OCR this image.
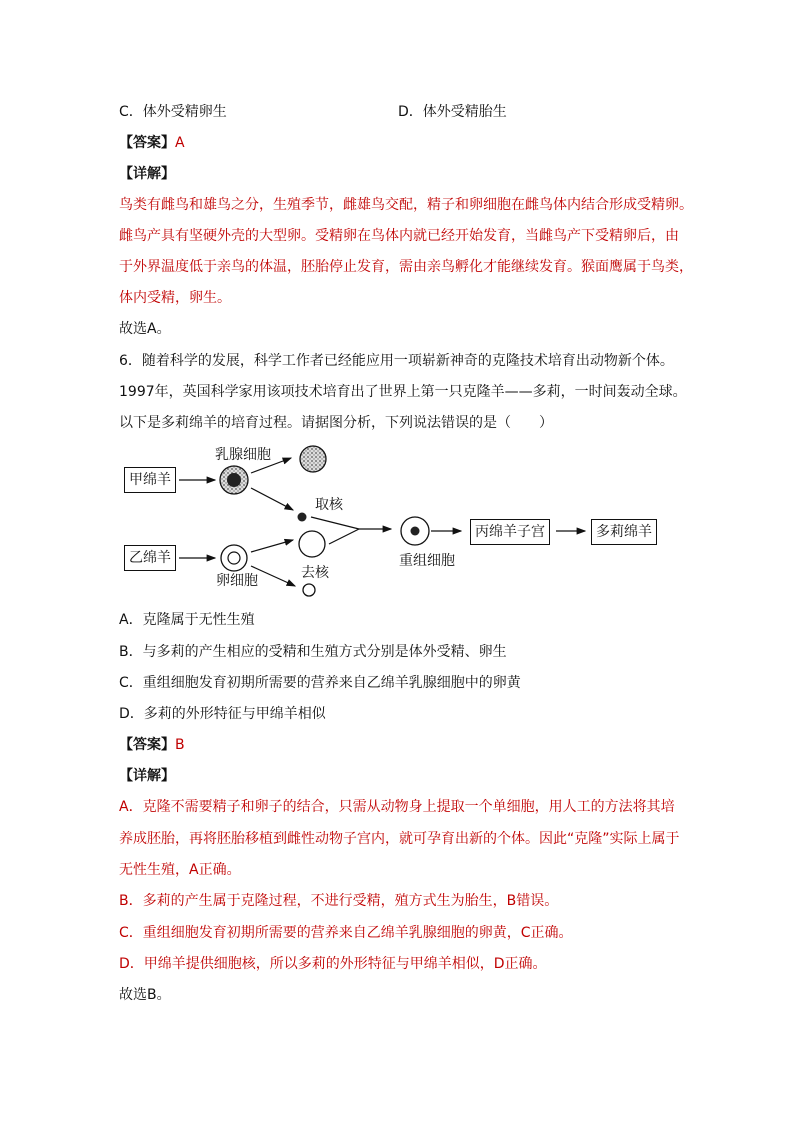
C．体外受精卵生	D．体外受精胎生
【答案】A
【详解】
鸟类有雌鸟和雄鸟之分，生殖季节，雌雄鸟交配，精子和卵细胞在雌鸟体内结合形成受精卵。
雌鸟产具有坚硬外壳的大型卵。受精卵在鸟体内就已经开始发育，当雌鸟产下受精卵后，由
于外界温度低于亲鸟的体温，胚胎停止发育，需由亲鸟孵化才能继续发育。猴面鹰属于鸟类，
体内受精，卵生。
故选A。
6．随着科学的发展，科学工作者已经能应用一项崭新神奇的克隆技术培育出动物新个体。
1997年，英国科学家用该项技术培育出了世界上第一只克隆羊——多莉，一时间轰动全球。
以下是多莉绵羊的培育过程。请据图分析，下列说法错误的是（　　）
甲绵羊
乙绵羊
乳腺细胞
取核
卵细胞	去核
重组细胞
丙绵羊子宫	多莉绵羊
A．克隆属于无性生殖
B．与多莉的产生相应的受精和生殖方式分别是体外受精、卵生
C．重组细胞发育初期所需要的营养来自乙绵羊乳腺细胞中的卵黄
D．多莉的外形特征与甲绵羊相似
【答案】B
【详解】
A．克隆不需要精子和卵子的结合，只需从动物身上提取一个单细胞，用人工的方法将其培
养成胚胎，再将胚胎移植到雌性动物子宫内，就可孕育出新的个体。因此“克隆”实际上属于
无性生殖，A正确。
B．多莉的产生属于克隆过程，不进行受精，殖方式生为胎生，B错误。
C．重组细胞发育初期所需要的营养来自乙绵羊乳腺细胞的卵黄，C正确。
D．甲绵羊提供细胞核，所以多莉的外形特征与甲绵羊相似，D正确。
故选B。
